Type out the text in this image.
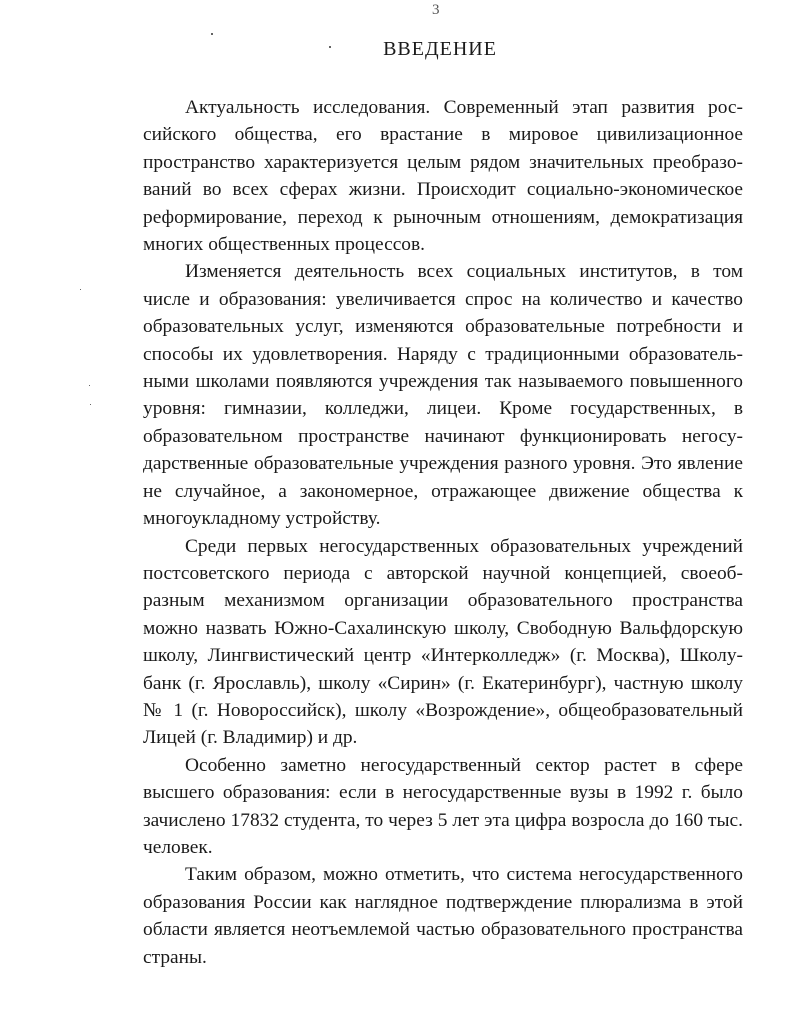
3
ВВЕДЕНИЕ

Актуальность исследования. Современный этап развития российского общества, его врастание в мировое цивилизационное пространство характеризуется целым рядом значительных преобразований во всех сферах жизни. Происходит социально-экономическое реформирование, переход к рыночным отношениям, демократизация многих общественных процессов.

Изменяется деятельность всех социальных институтов, в том числе и образования: увеличивается спрос на количество и качество образовательных услуг, изменяются образовательные потребности и способы их удовлетворения. Наряду с традиционными образовательными школами появляются учреждения так называемого повышенного уровня: гимназии, колледжи, лицеи. Кроме государственных, в образовательном пространстве начинают функционировать негосударственные образовательные учреждения разного уровня. Это явление не случайное, а закономерное, отражающее движение общества к многоукладному устройству.

Среди первых негосударственных образовательных учреждений постсоветского периода с авторской научной концепцией, своеобразным механизмом организации образовательного пространства можно назвать Южно-Сахалинскую школу, Свободную Вальфдорскую школу, Лингвистический центр «Интерколледж» (г. Москва), Школу-банк (г. Ярославль), школу «Сирин» (г. Екатеринбург), частную школу № 1 (г. Новороссийск), школу «Возрождение», общеобразовательный Лицей (г. Владимир) и др.

Особенно заметно негосударственный сектор растет в сфере высшего образования: если в негосударственные вузы в 1992 г. было зачислено 17832 студента, то через 5 лет эта цифра возросла до 160 тыс. человек.

Таким образом, можно отметить, что система негосударственного образования России как наглядное подтверждение плюрализма в этой области является неотъемлемой частью образовательного пространства страны.
